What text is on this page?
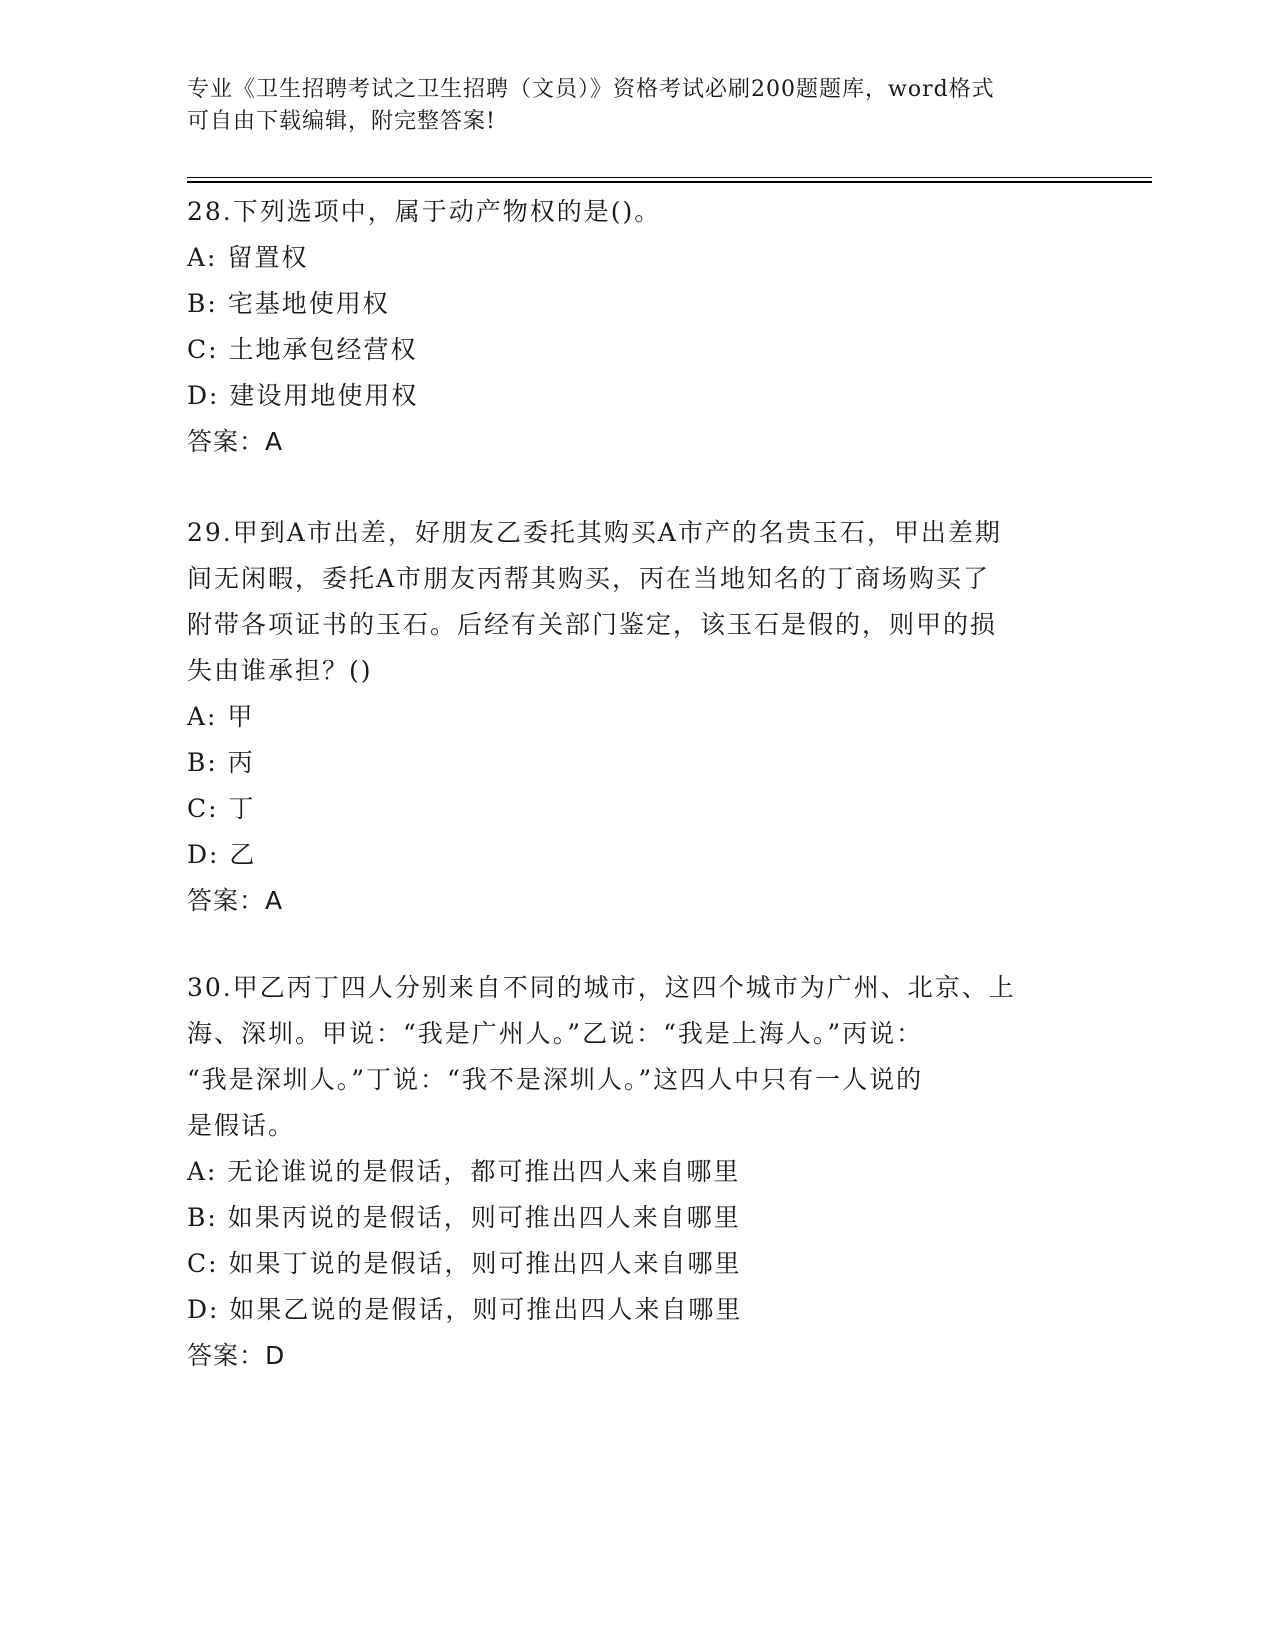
专业《卫生招聘考试之卫生招聘（文员）》资格考试必刷200题题库，word格式
可自由下载编辑，附完整答案!

28.下列选项中，属于动产物权的是()。

A: 留置权

B: 宅基地使用权

C: 土地承包经营权

D: 建设用地使用权

答案：A

29.甲到A市出差，好朋友乙委托其购买A市产的名贵玉石，甲出差期

间无闲暇，委托A市朋友丙帮其购买，丙在当地知名的丁商场购买了

附带各项证书的玉石。后经有关部门鉴定，该玉石是假的，则甲的损

失由谁承担？()

A: 甲

B: 丙

C: 丁

D: 乙

答案：A

30.甲乙丙丁四人分别来自不同的城市，这四个城市为广州、北京、上

海、深圳。甲说：“我是广州人。”乙说：“我是上海人。”丙说：

“我是深圳人。”丁说：“我不是深圳人。”这四人中只有一人说的

是假话。

A: 无论谁说的是假话，都可推出四人来自哪里

B: 如果丙说的是假话，则可推出四人来自哪里

C: 如果丁说的是假话，则可推出四人来自哪里

D: 如果乙说的是假话，则可推出四人来自哪里

答案：D
